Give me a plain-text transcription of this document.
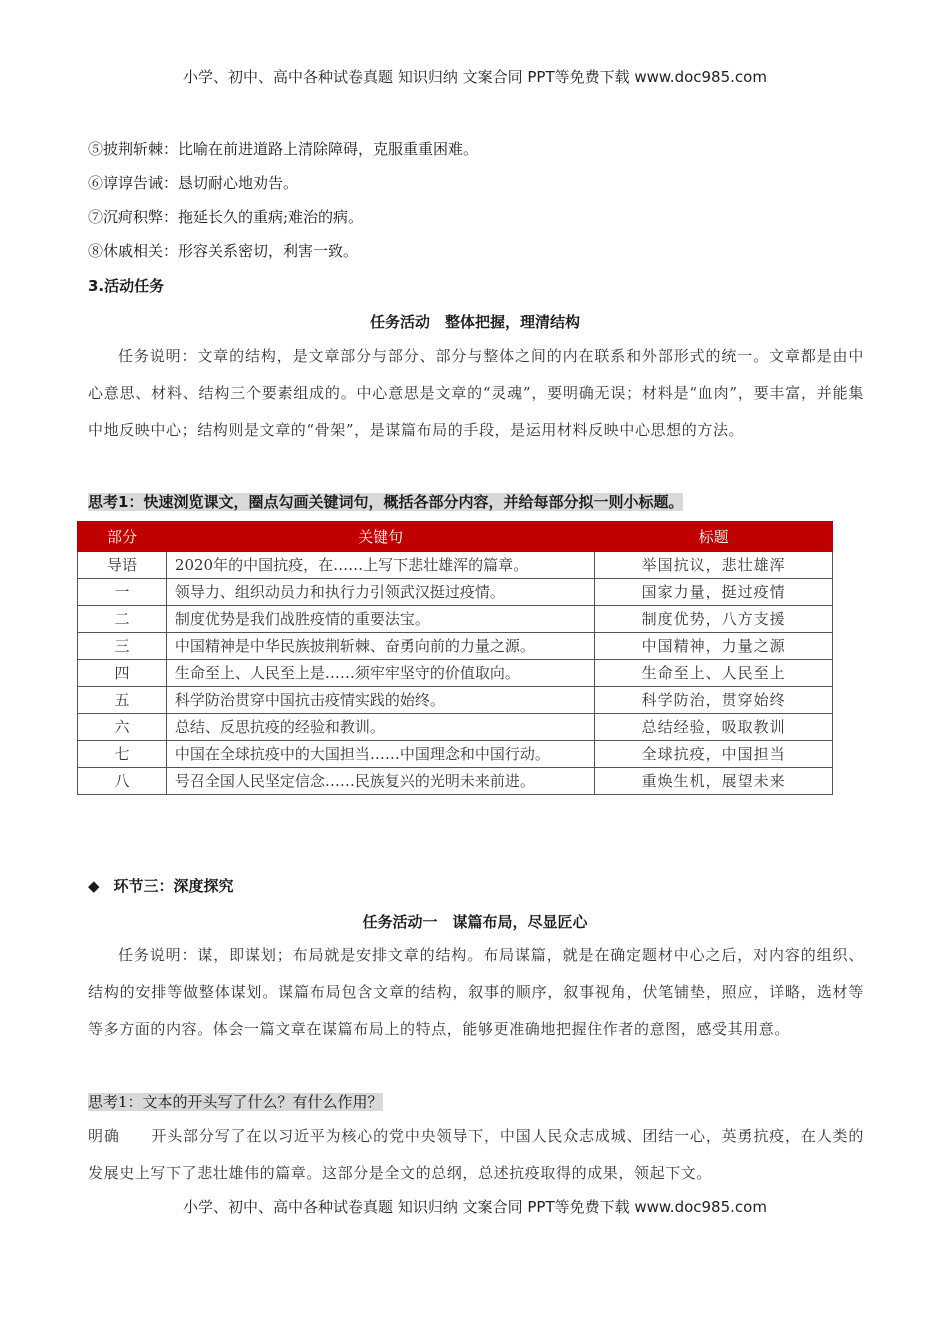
小学、初中、高中各种试卷真题 知识归纳 文案合同 PPT等免费下载 www.doc985.com
⑤披荆斩棘：比喻在前进道路上清除障碍，克服重重困难。
⑥谆谆告诫：恳切耐心地劝告。
⑦沉疴积弊：拖延长久的重病;难治的病。
⑧休戚相关：形容关系密切，利害一致。
3.活动任务
任务活动　整体把握，理清结构
任务说明：文章的结构，是文章部分与部分、部分与整体之间的内在联系和外部形式的统一。文章都是由中心意思、材料、结构三个要素组成的。中心意思是文章的“灵魂”，要明确无误；材料是“血肉”，要丰富，并能集中地反映中心；结构则是文章的“骨架”，是谋篇布局的手段，是运用材料反映中心思想的方法。
思考1：快速浏览课文，圈点勾画关键词句，概括各部分内容，并给每部分拟一则小标题。
部分	关键句	标题
导语	2020年的中国抗疫，在……上写下悲壮雄浑的篇章。	举国抗议，悲壮雄浑
一	领导力、组织动员力和执行力引领武汉挺过疫情。	国家力量，挺过疫情
二	制度优势是我们战胜疫情的重要法宝。	制度优势，八方支援
三	中国精神是中华民族披荆斩棘、奋勇向前的力量之源。	中国精神，力量之源
四	生命至上、人民至上是……须牢牢坚守的价值取向。	生命至上、人民至上
五	科学防治贯穿中国抗击疫情实践的始终。	科学防治，贯穿始终
六	总结、反思抗疫的经验和教训。	总结经验，吸取教训
七	中国在全球抗疫中的大国担当……中国理念和中国行动。	全球抗疫，中国担当
八	号召全国人民坚定信念……民族复兴的光明未来前进。	重焕生机，展望未来
◆ 环节三：深度探究
任务活动一　谋篇布局，尽显匠心
任务说明：谋，即谋划；布局就是安排文章的结构。布局谋篇，就是在确定题材中心之后，对内容的组织、结构的安排等做整体谋划。谋篇布局包含文章的结构，叙事的顺序，叙事视角，伏笔铺垫，照应，详略，选材等等多方面的内容。体会一篇文章在谋篇布局上的特点，能够更准确地把握住作者的意图，感受其用意。
思考1：文本的开头写了什么？有什么作用？
明确　　 开头部分写了在以习近平为核心的党中央领导下，中国人民众志成城、团结一心，英勇抗疫，在人类的发展史上写下了悲壮雄伟的篇章。这部分是全文的总纲，总述抗疫取得的成果，领起下文。
小学、初中、高中各种试卷真题 知识归纳 文案合同 PPT等免费下载 www.doc985.com
